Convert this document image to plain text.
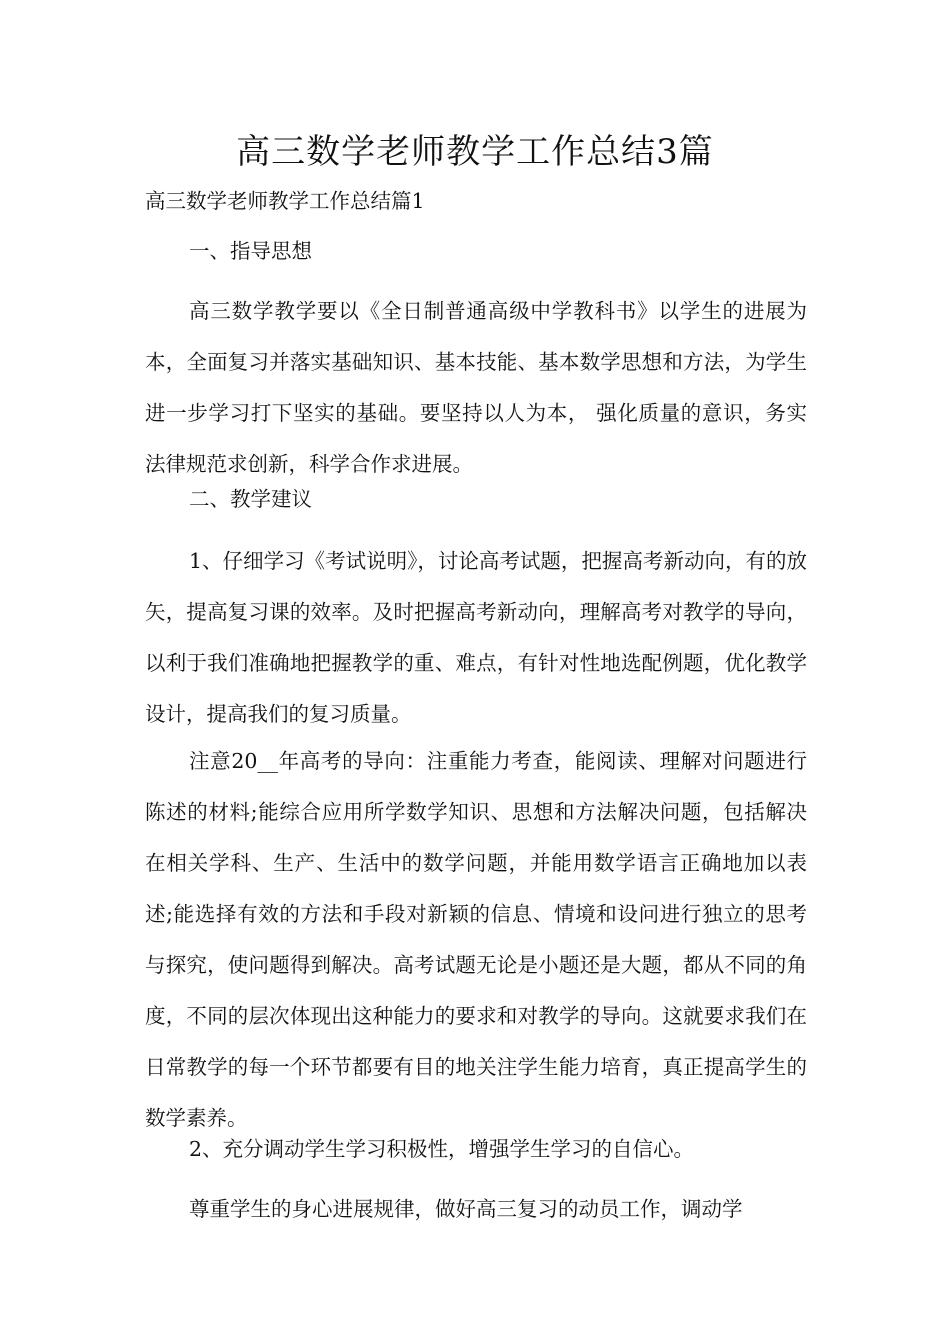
高三数学老师教学工作总结3篇

高三数学老师教学工作总结篇1

一、指导思想

高三数学教学要以《全日制普通高级中学教科书》以学生的进展为本，全面复习并落实基础知识、基本技能、基本数学思想和方法，为学生进一步学习打下坚实的基础。要坚持以人为本， 强化质量的意识，务实法律规范求创新，科学合作求进展。

二、教学建议

1、仔细学习《考试说明》，讨论高考试题，把握高考新动向，有的放矢，提高复习课的效率。及时把握高考新动向，理解高考对教学的导向，以利于我们准确地把握教学的重、难点，有针对性地选配例题，优化教学设计，提高我们的复习质量。

注意20__年高考的导向：注重能力考查，能阅读、理解对问题进行陈述的材料;能综合应用所学数学知识、思想和方法解决问题，包括解决在相关学科、生产、生活中的数学问题，并能用数学语言正确地加以表述;能选择有效的方法和手段对新颖的信息、情境和设问进行独立的思考与探究，使问题得到解决。高考试题无论是小题还是大题，都从不同的角度，不同的层次体现出这种能力的要求和对教学的导向。这就要求我们在日常教学的每一个环节都要有目的地关注学生能力培育，真正提高学生的数学素养。

2、充分调动学生学习积极性，增强学生学习的自信心。

尊重学生的身心进展规律，做好高三复习的动员工作，调动学
